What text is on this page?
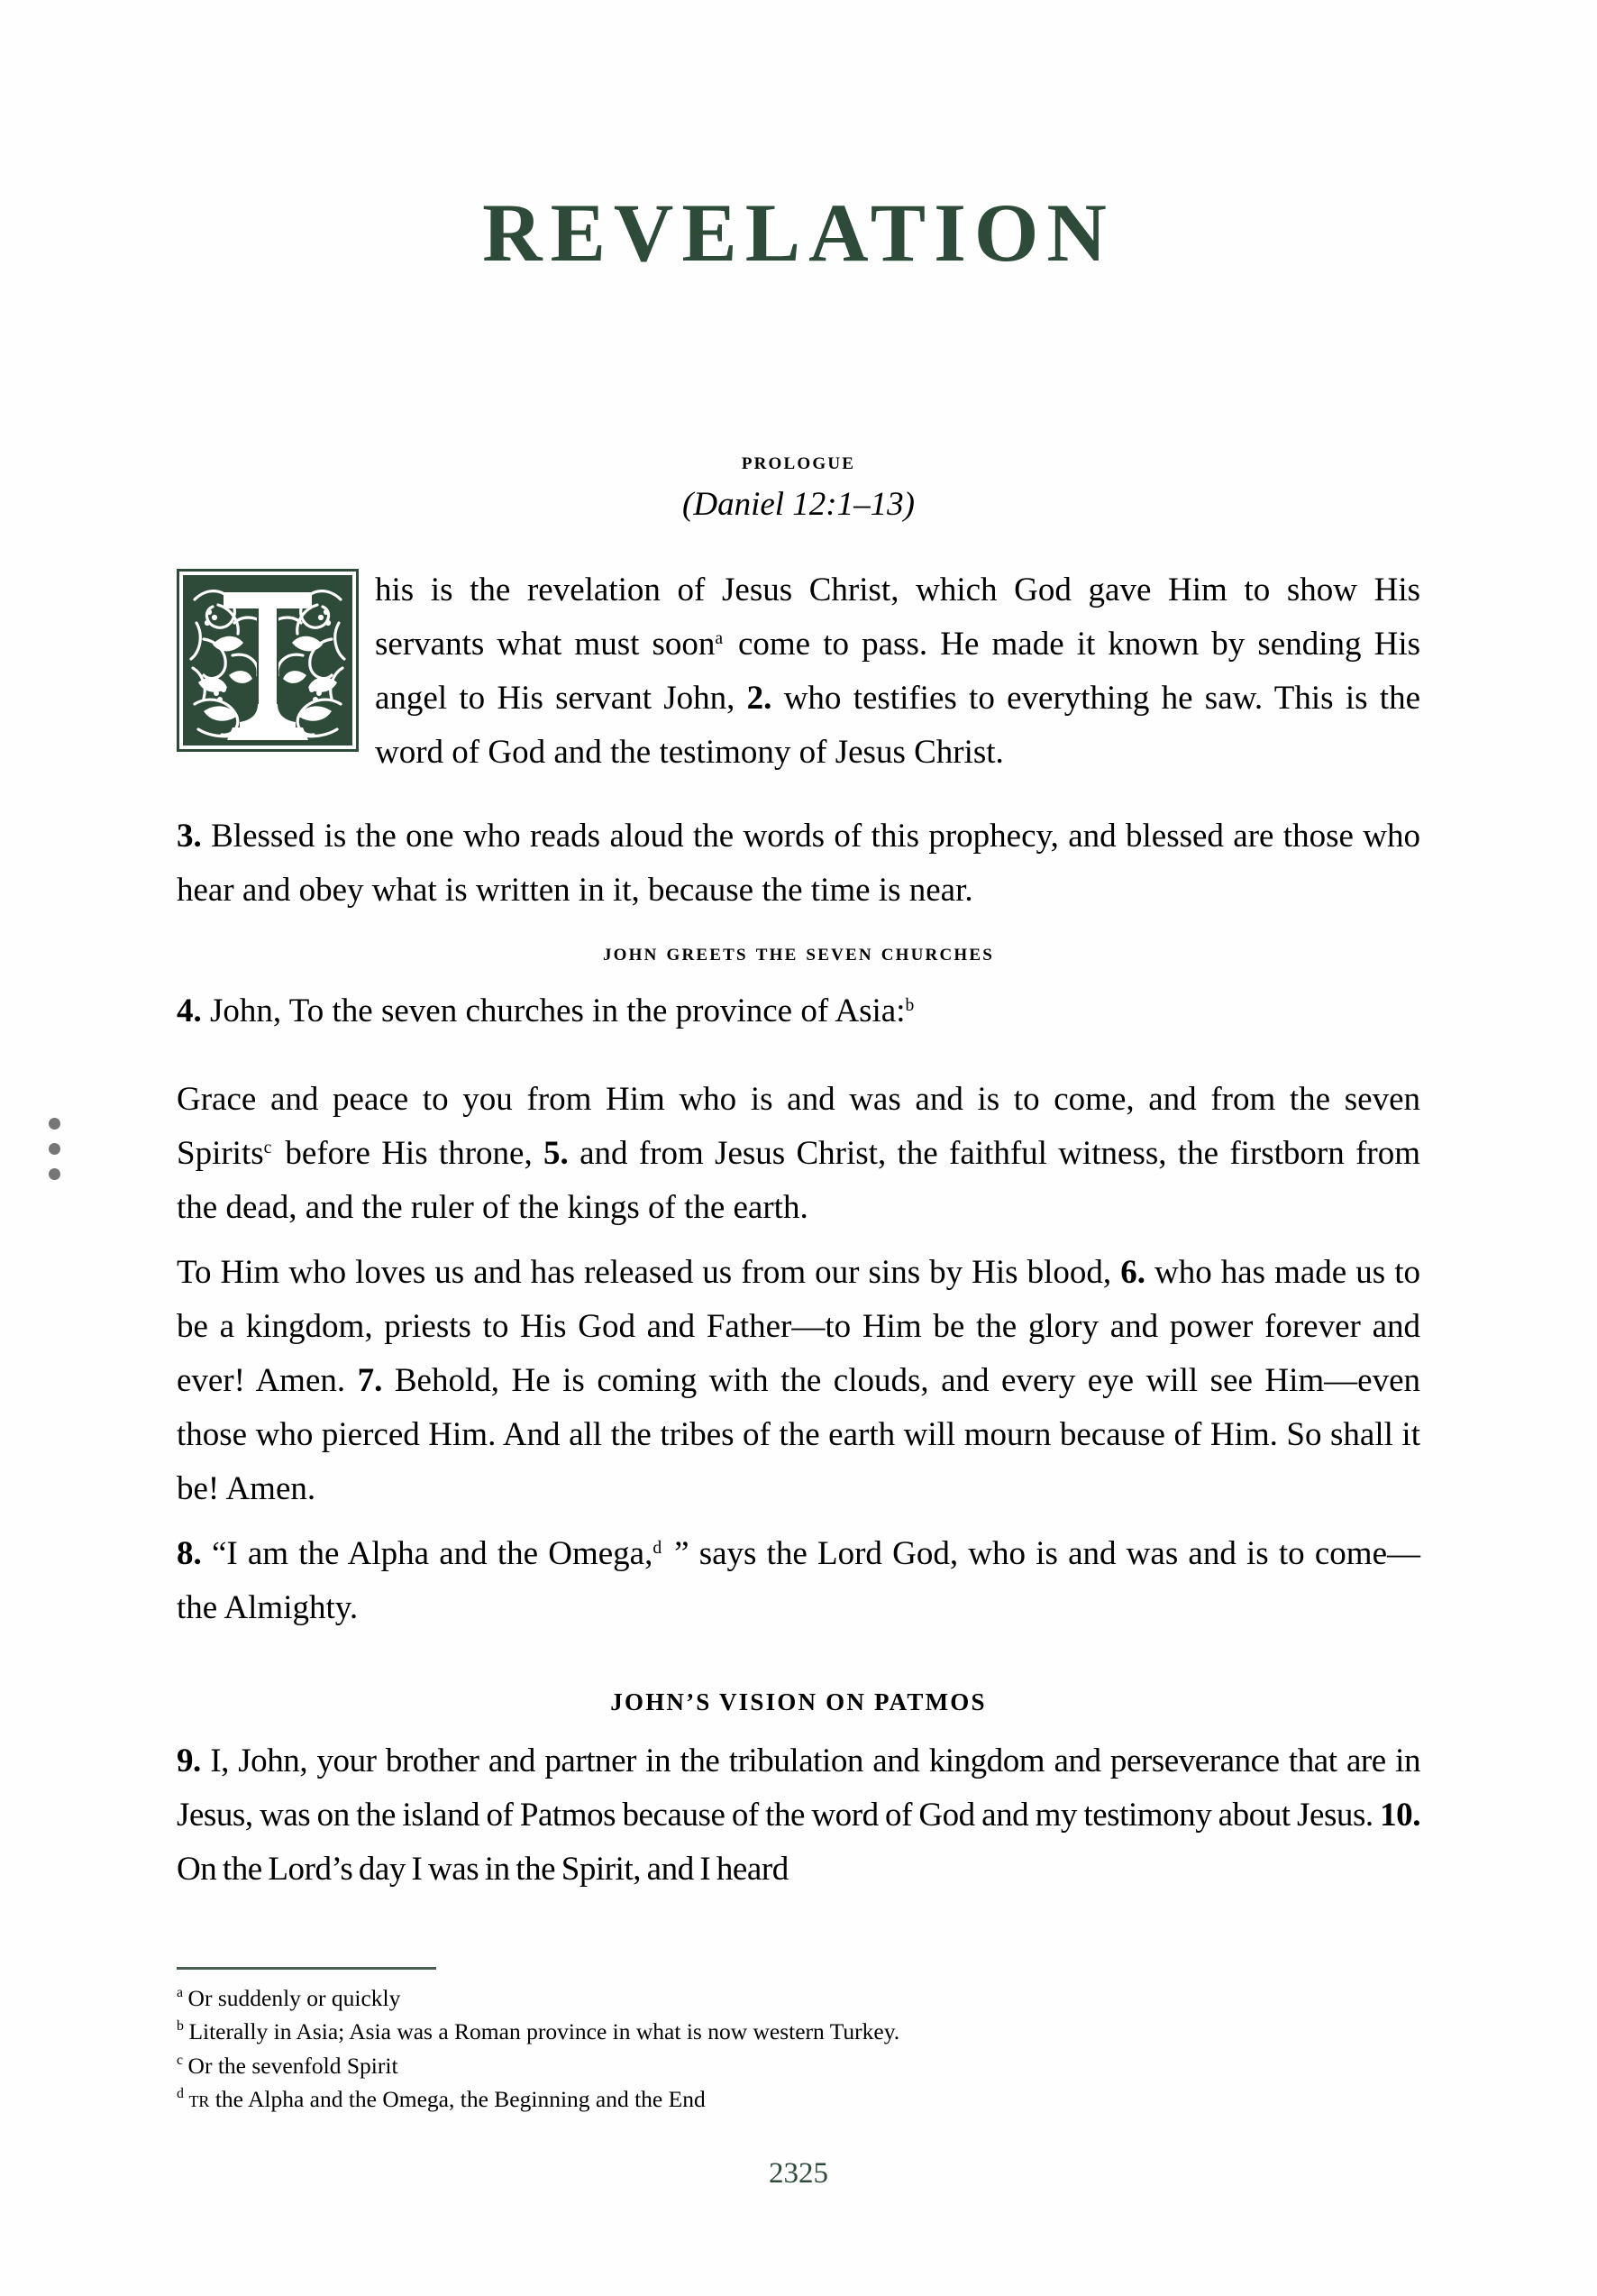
REVELATION
prologue
(Daniel 12:1–13)
his is the revelation of Jesus Christ, which God gave Him to show His servants what must soon$^a$ come to pass. He made it known by sending His angel to His servant John, 2. who testifies to everything he saw. This is the word of God and the testimony of Jesus Christ.
3. Blessed is the one who reads aloud the words of this prophecy, and blessed are those who hear and obey what is written in it, because the time is near.
john greets the seven churches
4. John, To the seven churches in the province of Asia:$^b$
Grace and peace to you from Him who is and was and is to come, and from the seven Spirits$^c$ before His throne, 5. and from Jesus Christ, the faithful witness, the firstborn from the dead, and the ruler of the kings of the earth.
To Him who loves us and has released us from our sins by His blood, 6. who has made us to be a kingdom, priests to His God and Father—to Him be the glory and power forever and ever! Amen. 7. Behold, He is coming with the clouds, and every eye will see Him—even those who pierced Him. And all the tribes of the earth will mourn because of Him. So shall it be! Amen.
8. “I am the Alpha and the Omega,$^d$ ” says the Lord God, who is and was and is to come—the Almighty.
JOHN’S VISION ON PATMOS
9. I, John, your brother and partner in the tribulation and kingdom and perseverance that are in Jesus, was on the island of Patmos because of the word of God and my testimony about Jesus. 10. On the Lord’s day I was in the Spirit, and I heard
$^a$ Or suddenly or quickly
$^b$ Literally in Asia; Asia was a Roman province in what is now western Turkey.
$^c$ Or the sevenfold Spirit
$^d$ tr the Alpha and the Omega, the Beginning and the End
2325
